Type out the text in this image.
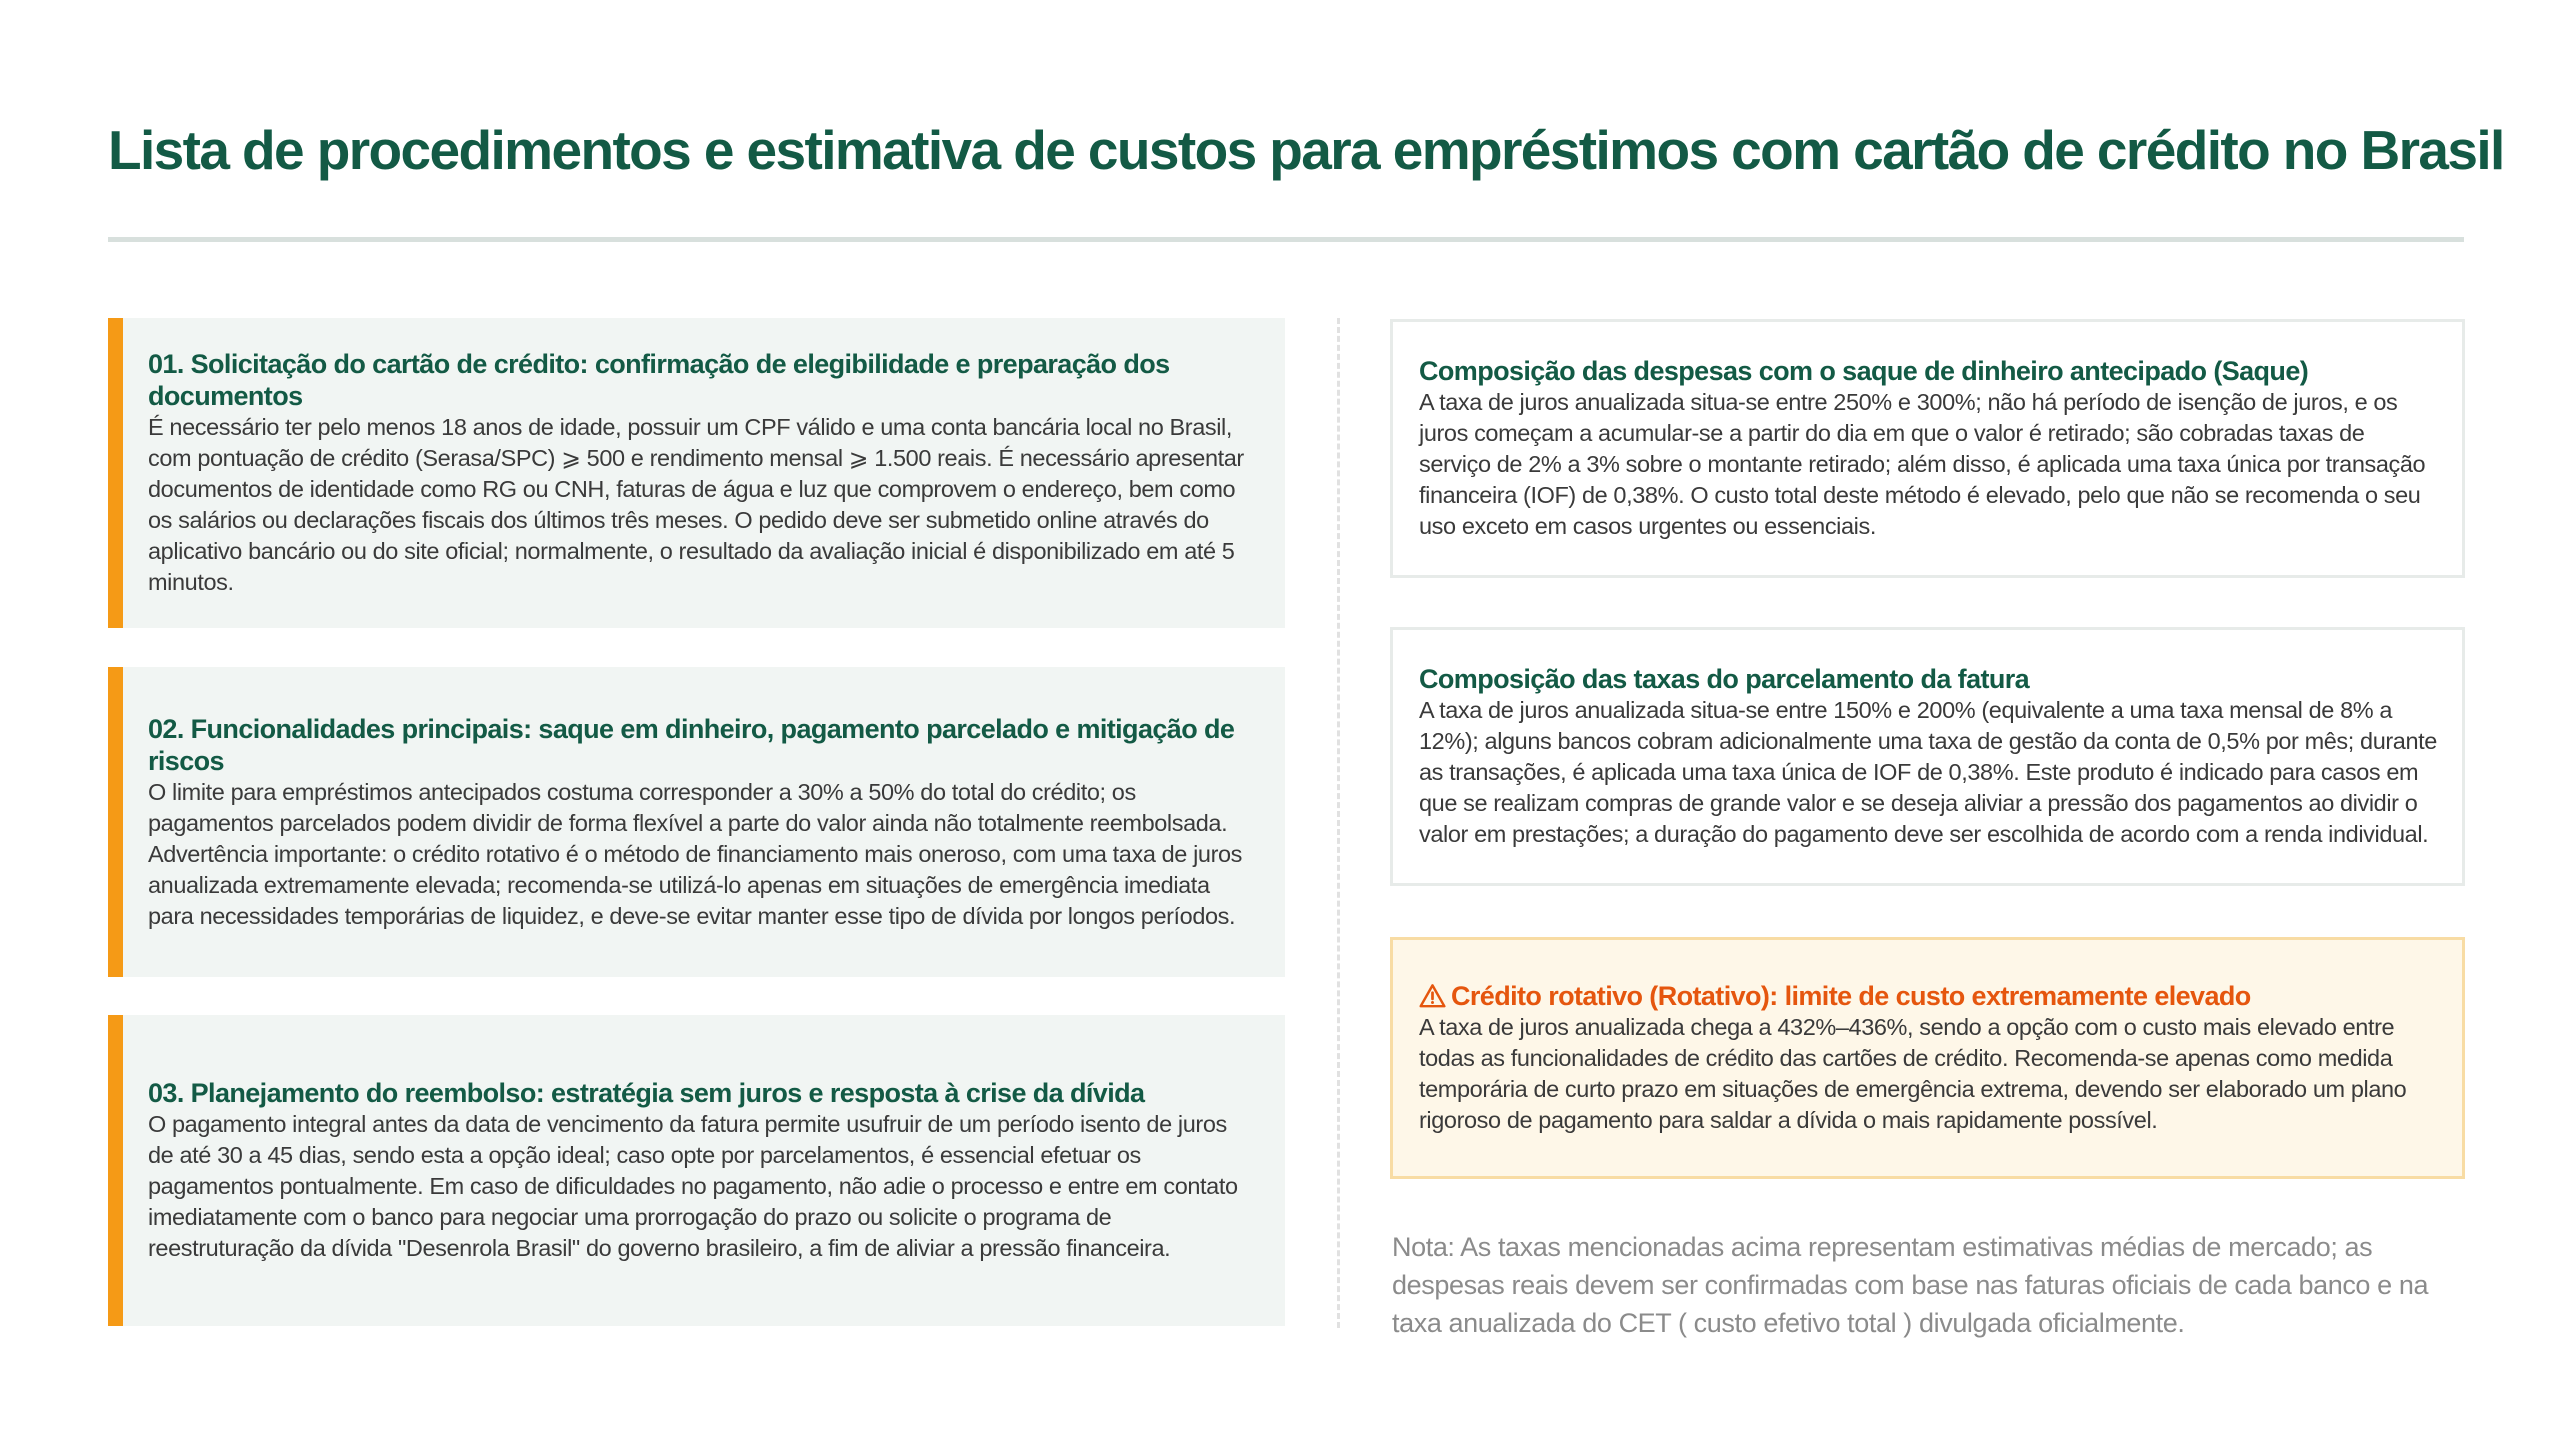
Lista de procedimentos e estimativa de custos para empréstimos com cartão de crédito no Brasil
01. Solicitação do cartão de crédito: confirmação de elegibilidade e preparação dos documentos

É necessário ter pelo menos 18 anos de idade, possuir um CPF válido e uma conta bancária local no Brasil, com pontuação de crédito (Serasa/SPC) ⩾ 500 e rendimento mensal ⩾ 1.500 reais. É necessário apresentar documentos de identidade como RG ou CNH, faturas de água e luz que comprovem o endereço, bem como os salários ou declarações fiscais dos últimos três meses. O pedido deve ser submetido online através do aplicativo bancário ou do site oficial; normalmente, o resultado da avaliação inicial é disponibilizado em até 5 minutos.

02. Funcionalidades principais: saque em dinheiro, pagamento parcelado e mitigação de riscos

O limite para empréstimos antecipados costuma corresponder a 30% a 50% do total do crédito; os pagamentos parcelados podem dividir de forma flexível a parte do valor ainda não totalmente reembolsada. Advertência importante: o crédito rotativo é o método de financiamento mais oneroso, com uma taxa de juros anualizada extremamente elevada; recomenda-se utilizá-lo apenas em situações de emergência imediata para necessidades temporárias de liquidez, e deve-se evitar manter esse tipo de dívida por longos períodos.

03. Planejamento do reembolso: estratégia sem juros e resposta à crise da dívida

O pagamento integral antes da data de vencimento da fatura permite usufruir de um período isento de juros de até 30 a 45 dias, sendo esta a opção ideal; caso opte por parcelamentos, é essencial efetuar os pagamentos pontualmente. Em caso de dificuldades no pagamento, não adie o processo e entre em contato imediatamente com o banco para negociar uma prorrogação do prazo ou solicite o programa de reestruturação da dívida "Desenrola Brasil" do governo brasileiro, a fim de aliviar a pressão financeira.

Composição das despesas com o saque de dinheiro antecipado (Saque)

A taxa de juros anualizada situa-se entre 250% e 300%; não há período de isenção de juros, e os juros começam a acumular-se a partir do dia em que o valor é retirado; são cobradas taxas de serviço de 2% a 3% sobre o montante retirado; além disso, é aplicada uma taxa única por transação financeira (IOF) de 0,38%. O custo total deste método é elevado, pelo que não se recomenda o seu uso exceto em casos urgentes ou essenciais.

Composição das taxas do parcelamento da fatura

A taxa de juros anualizada situa-se entre 150% e 200% (equivalente a uma taxa mensal de 8% a 12%); alguns bancos cobram adicionalmente uma taxa de gestão da conta de 0,5% por mês; durante as transações, é aplicada uma taxa única de IOF de 0,38%. Este produto é indicado para casos em que se realizam compras de grande valor e se deseja aliviar a pressão dos pagamentos ao dividir o valor em prestações; a duração do pagamento deve ser escolhida de acordo com a renda individual.

Crédito rotativo (Rotativo): limite de custo extremamente elevado

A taxa de juros anualizada chega a 432%–436%, sendo a opção com o custo mais elevado entre todas as funcionalidades de crédito das cartões de crédito. Recomenda-se apenas como medida temporária de curto prazo em situações de emergência extrema, devendo ser elaborado um plano rigoroso de pagamento para saldar a dívida o mais rapidamente possível.

Nota: As taxas mencionadas acima representam estimativas médias de mercado; as despesas reais devem ser confirmadas com base nas faturas oficiais de cada banco e na taxa anualizada do CET ( custo efetivo total ) divulgada oficialmente.
